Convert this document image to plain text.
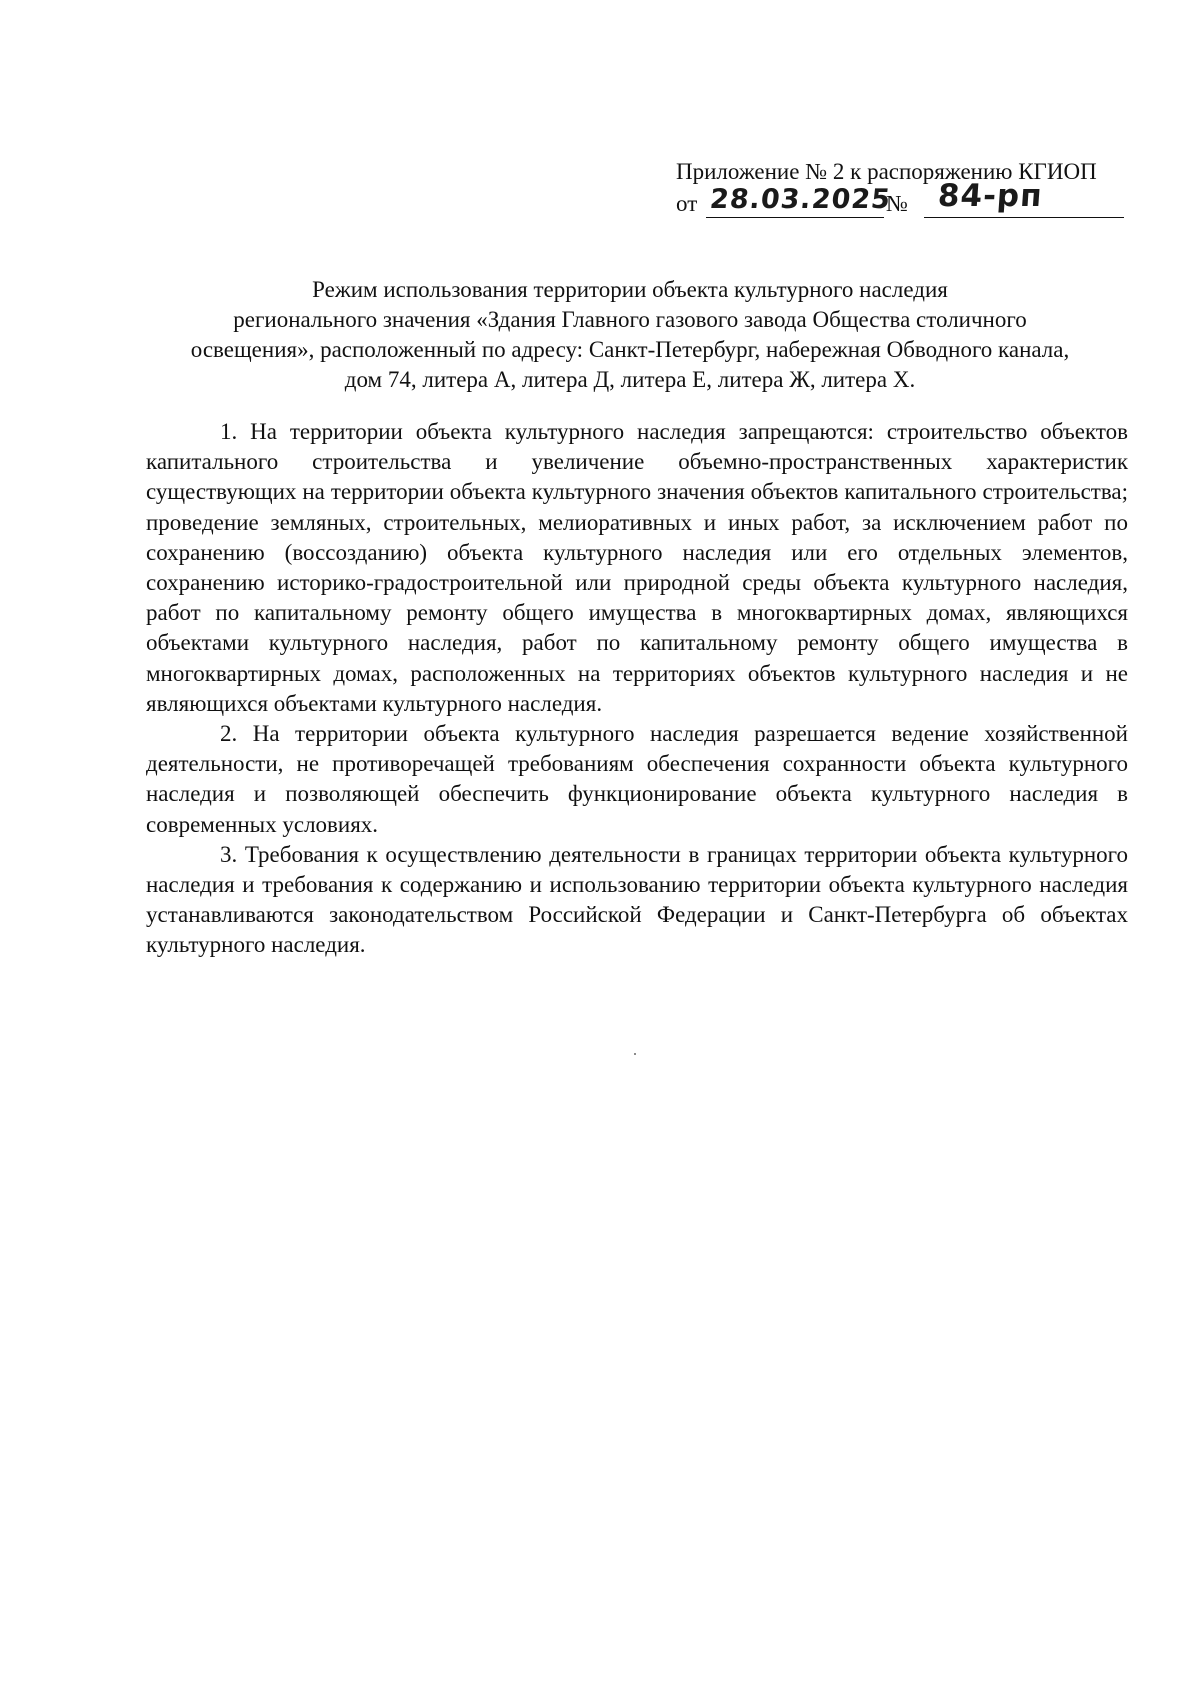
Приложение № 2 к распоряжению КГИОП
от 28.03.2025
№ 84-рп
Режим использования территории объекта культурного наследия
регионального значения «Здания Главного газового завода Общества столичного
освещения», расположенный по адресу: Санкт-Петербург, набережная Обводного канала,
дом 74, литера А, литера Д, литера Е, литера Ж, литера Х.

1. На территории объекта культурного наследия запрещаются: строительство объектов капитального строительства и увеличение объемно-пространственных характеристик существующих на территории объекта культурного значения объектов капитального строительства; проведение земляных, строительных, мелиоративных и иных работ, за исключением работ по сохранению (воссозданию) объекта культурного наследия или его отдельных элементов, сохранению историко-градостроительной или природной среды объекта культурного наследия, работ по капитальному ремонту общего имущества в многоквартирных домах, являющихся объектами культурного наследия, работ по капитальному ремонту общего имущества в многоквартирных домах, расположенных на территориях объектов культурного наследия и не являющихся объектами культурного наследия.

2. На территории объекта культурного наследия разрешается ведение хозяйственной деятельности, не противоречащей требованиям обеспечения сохранности объекта культурного наследия и позволяющей обеспечить функционирование объекта культурного наследия в современных условиях.

3. Требования к осуществлению деятельности в границах территории объекта культурного наследия и требования к содержанию и использованию территории объекта культурного наследия устанавливаются законодательством Российской Федерации и Санкт-Петербурга об объектах культурного наследия.
